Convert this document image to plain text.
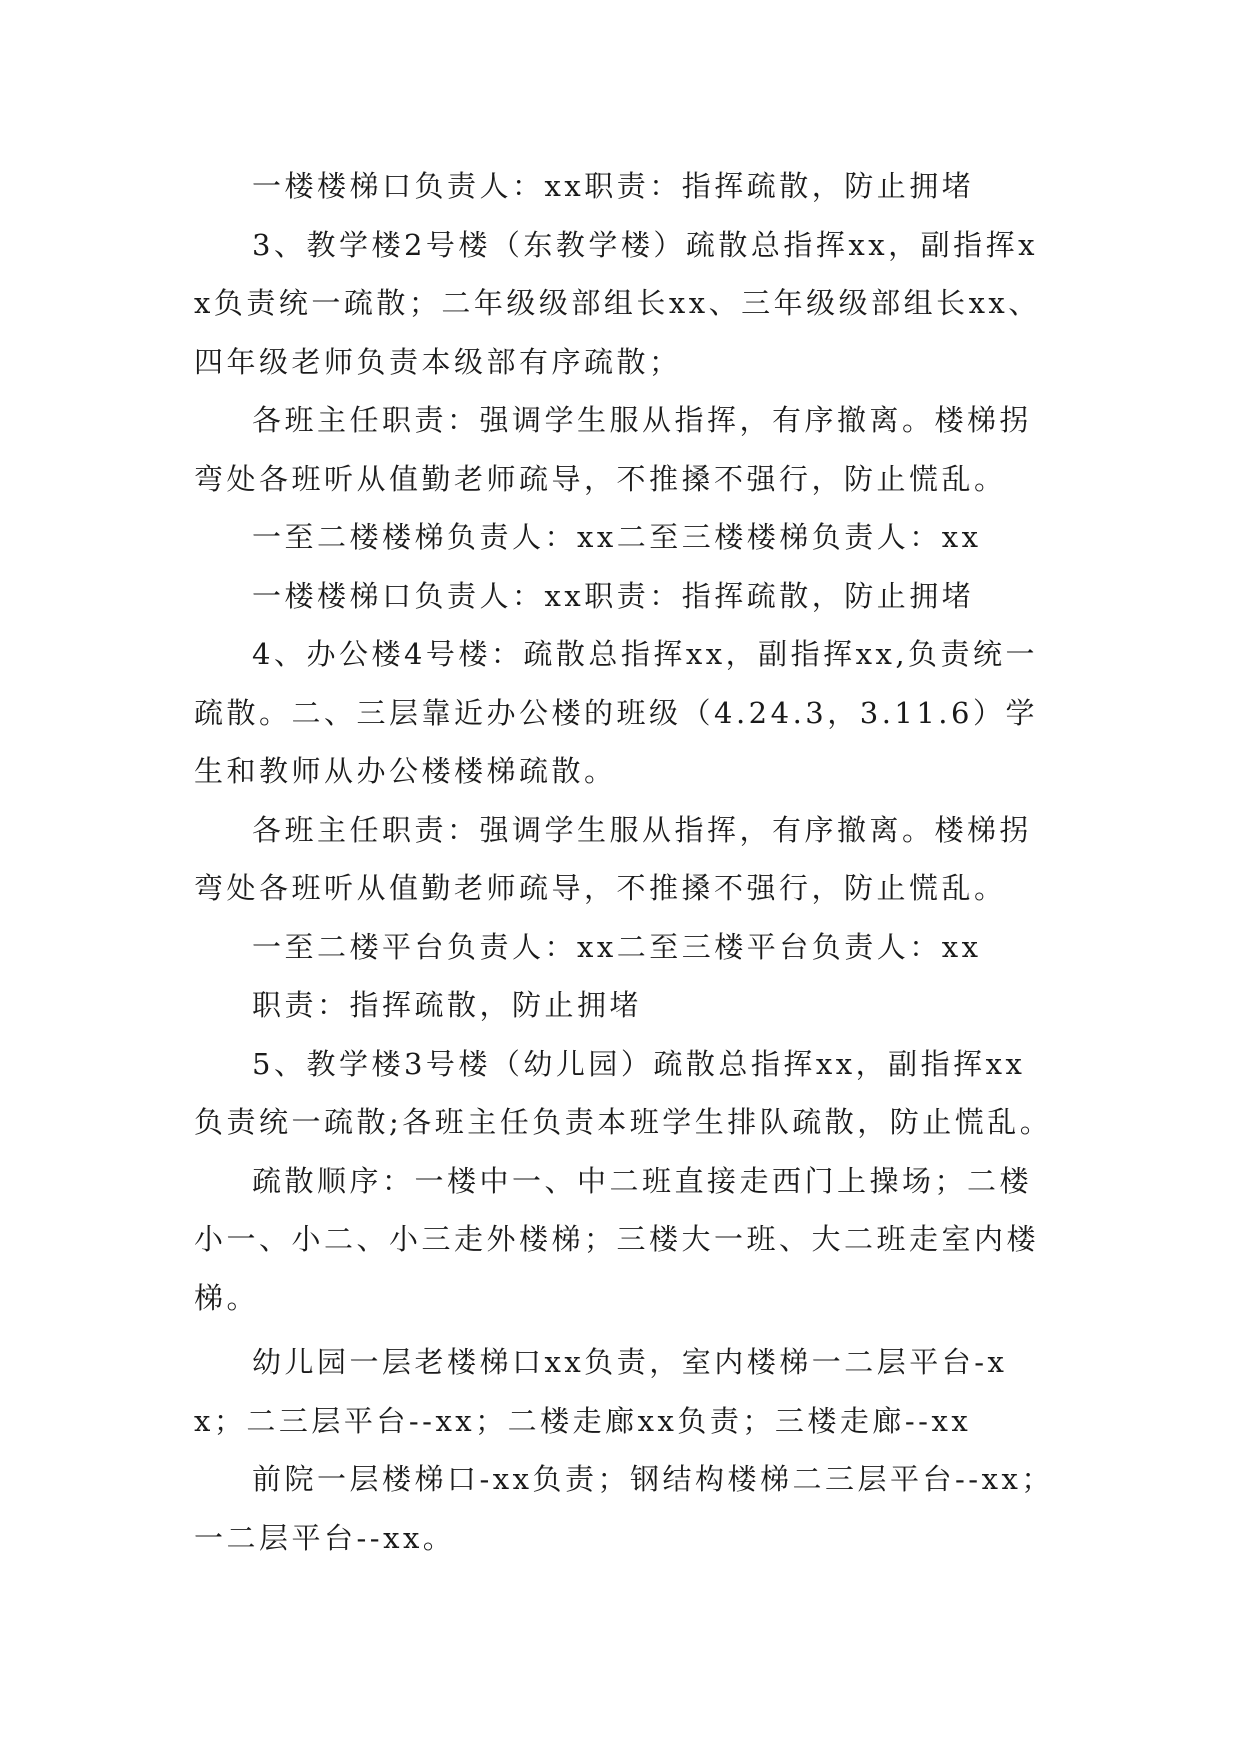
一楼楼梯口负责人：xx职责：指挥疏散，防止拥堵

3、教学楼2号楼（东教学楼）疏散总指挥xx，副指挥xx负责统一疏散；二年级级部组长xx、三年级级部组长xx、四年级老师负责本级部有序疏散；

各班主任职责：强调学生服从指挥，有序撤离。楼梯拐弯处各班听从值勤老师疏导，不推搡不强行，防止慌乱。

一至二楼楼梯负责人：xx二至三楼楼梯负责人：xx

一楼楼梯口负责人：xx职责：指挥疏散，防止拥堵

4、办公楼4号楼：疏散总指挥xx，副指挥xx,负责统一疏散。二、三层靠近办公楼的班级（4.24.3，3.11.6）学生和教师从办公楼楼梯疏散。

各班主任职责：强调学生服从指挥，有序撤离。楼梯拐弯处各班听从值勤老师疏导，不推搡不强行，防止慌乱。

一至二楼平台负责人：xx二至三楼平台负责人：xx

职责：指挥疏散，防止拥堵

5、教学楼3号楼（幼儿园）疏散总指挥xx，副指挥xx负责统一疏散;各班主任负责本班学生排队疏散，防止慌乱。

疏散顺序：一楼中一、中二班直接走西门上操场；二楼小一、小二、小三走外楼梯；三楼大一班、大二班走室内楼梯。

幼儿园一层老楼梯口xx负责，室内楼梯一二层平台-xx；二三层平台--xx；二楼走廊xx负责；三楼走廊--xx

前院一层楼梯口-xx负责；钢结构楼梯二三层平台--xx；一二层平台--xx。
